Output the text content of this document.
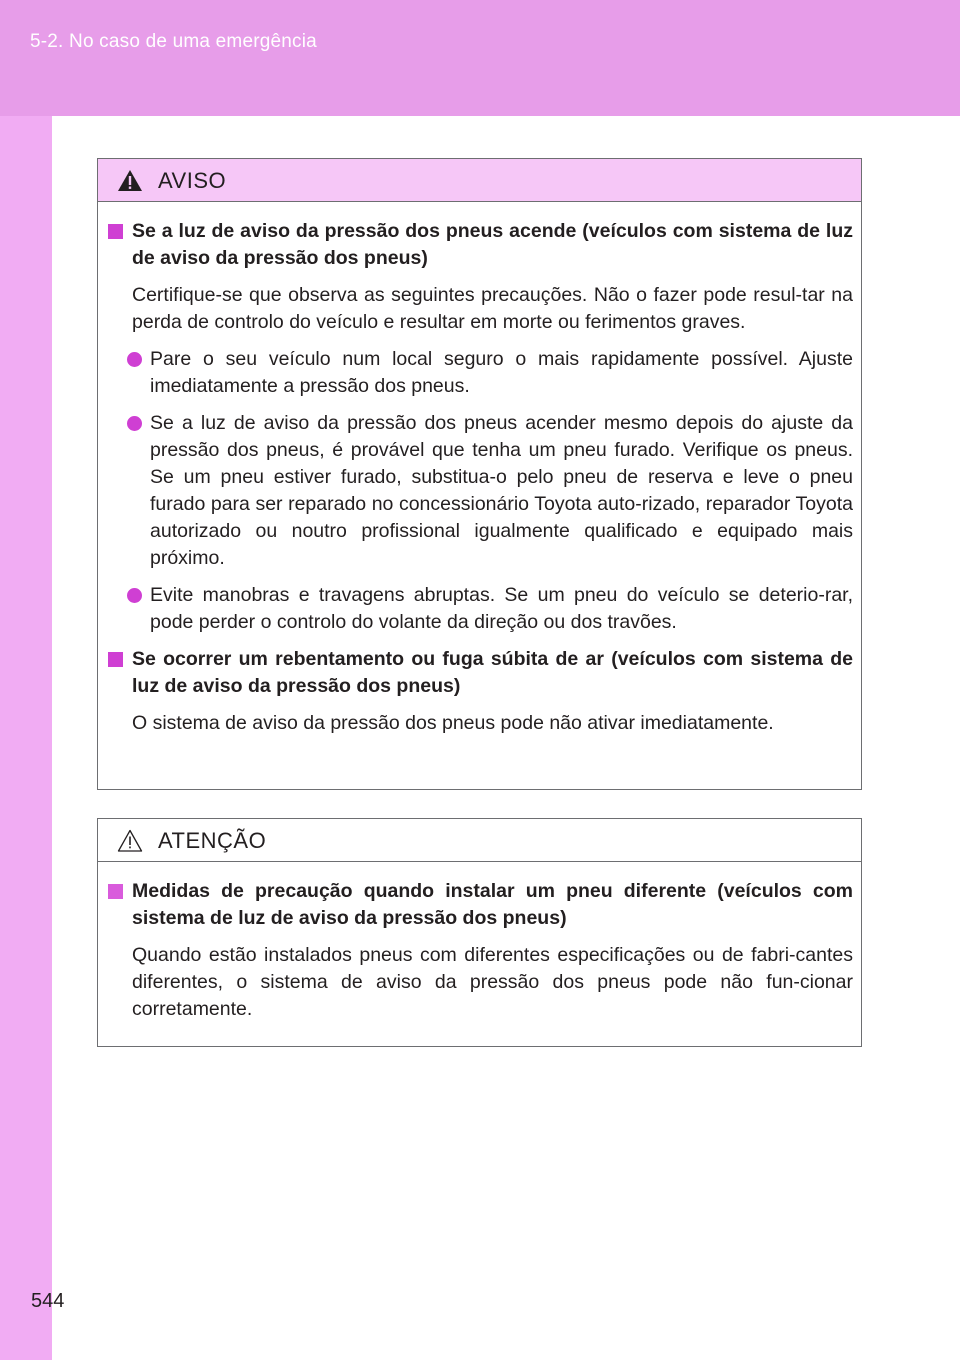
5-2. No caso de uma emergência
AVISO
Se a luz de aviso da pressão dos pneus acende (veículos com sistema de luz de aviso da pressão dos pneus)
Certifique-se que observa as seguintes precauções. Não o fazer pode resul-tar na perda de controlo do veículo e resultar em morte ou ferimentos graves.
Pare o seu veículo num local seguro o mais rapidamente possível. Ajuste imediatamente a pressão dos pneus.
Se a luz de aviso da pressão dos pneus acender mesmo depois do ajuste da pressão dos pneus, é provável que tenha um pneu furado. Verifique os pneus. Se um pneu estiver furado, substitua-o pelo pneu de reserva e leve o pneu furado para ser reparado no concessionário Toyota auto-rizado, reparador Toyota autorizado ou noutro profissional igualmente qualificado e equipado mais próximo.
Evite manobras e travagens abruptas. Se um pneu do veículo se deterio-rar, pode perder o controlo do volante da direção ou dos travões.
Se ocorrer um rebentamento ou fuga súbita de ar (veículos com sistema de luz de aviso da pressão dos pneus)
O sistema de aviso da pressão dos pneus pode não ativar imediatamente.
ATENÇÃO
Medidas de precaução quando instalar um pneu diferente (veículos com sistema de luz de aviso da pressão dos pneus)
Quando estão instalados pneus com diferentes especificações ou de fabri-cantes diferentes, o sistema de aviso da pressão dos pneus pode não fun-cionar corretamente.
544
